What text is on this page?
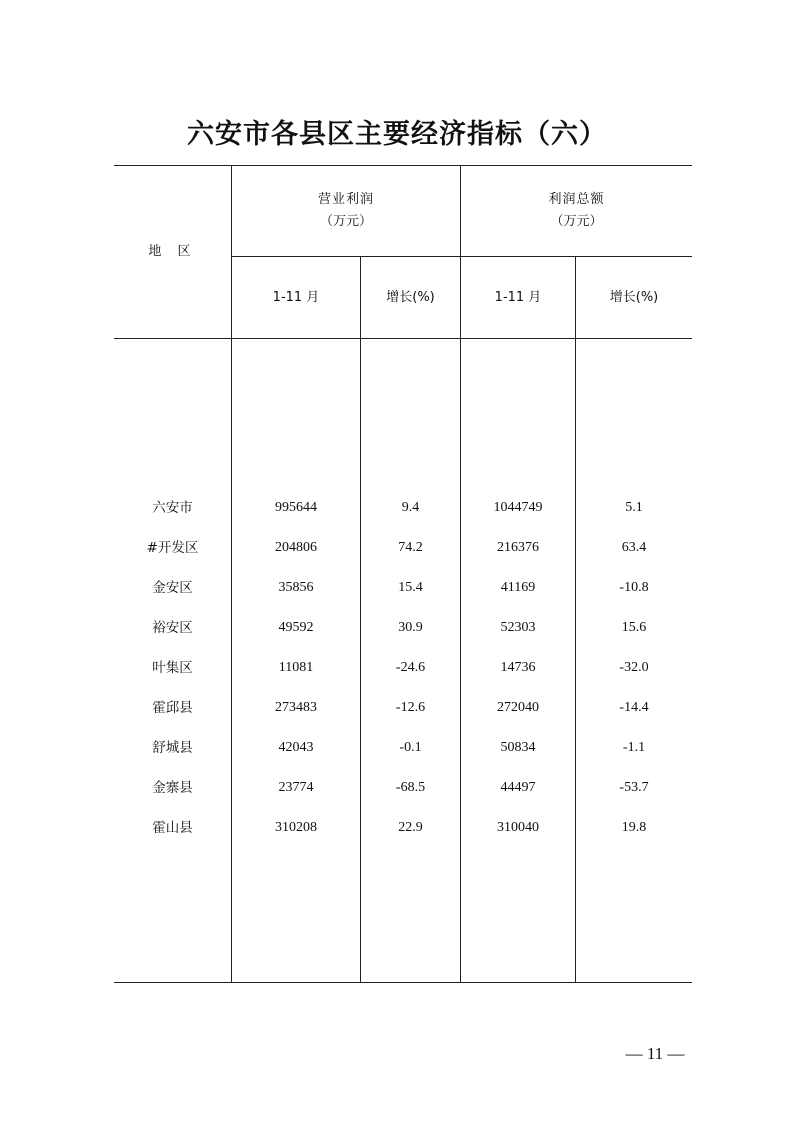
六安市各县区主要经济指标（六）
地 区
营业利润
（万元）
利润总额
（万元）
1-11 月	增长(%)	1-11 月	增长(%)
六安市	995644	9.4	1044749	5.1
#开发区	204806	74.2	216376	63.4
金安区	35856	15.4	41169	-10.8
裕安区	49592	30.9	52303	15.6
叶集区	11081	-24.6	14736	-32.0
霍邱县	273483	-12.6	272040	-14.4
舒城县	42043	-0.1	50834	-1.1
金寨县	23774	-68.5	44497	-53.7
霍山县	310208	22.9	310040	19.8
— 11 —
